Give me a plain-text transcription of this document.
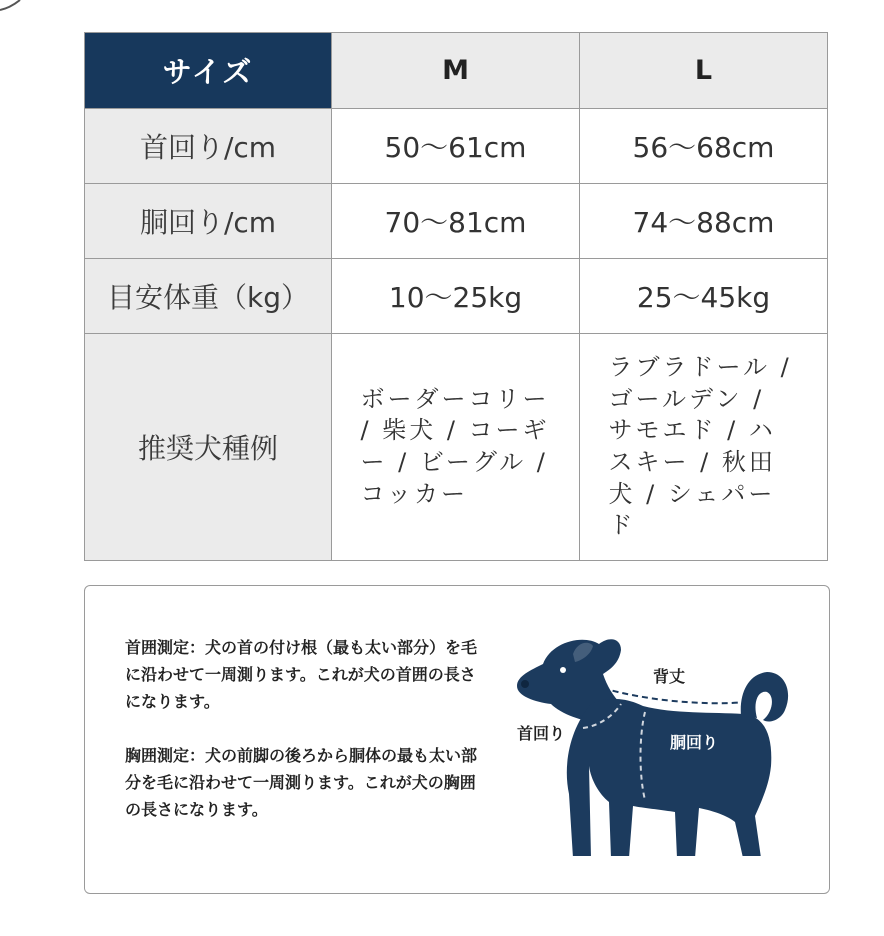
サイズ	M	L
首回り/cm	50〜61cm	56〜68cm
胴回り/cm	70〜81cm	74〜88cm
目安体重（kg）	10〜25kg	25〜45kg
推奨犬種例	ボーダーコリー / 柴犬 / コーギー / ビーグル / コッカー	ラブラドール / ゴールデン / サモエド / ハスキー / 秋田犬 / シェパード

首囲測定：犬の首の付け根（最も太い部分）を毛に沿わせて一周測ります。これが犬の首囲の長さになります。

胸囲測定：犬の前脚の後ろから胴体の最も太い部分を毛に沿わせて一周測ります。これが犬の胸囲の長さになります。

背丈
首回り	胴回り
